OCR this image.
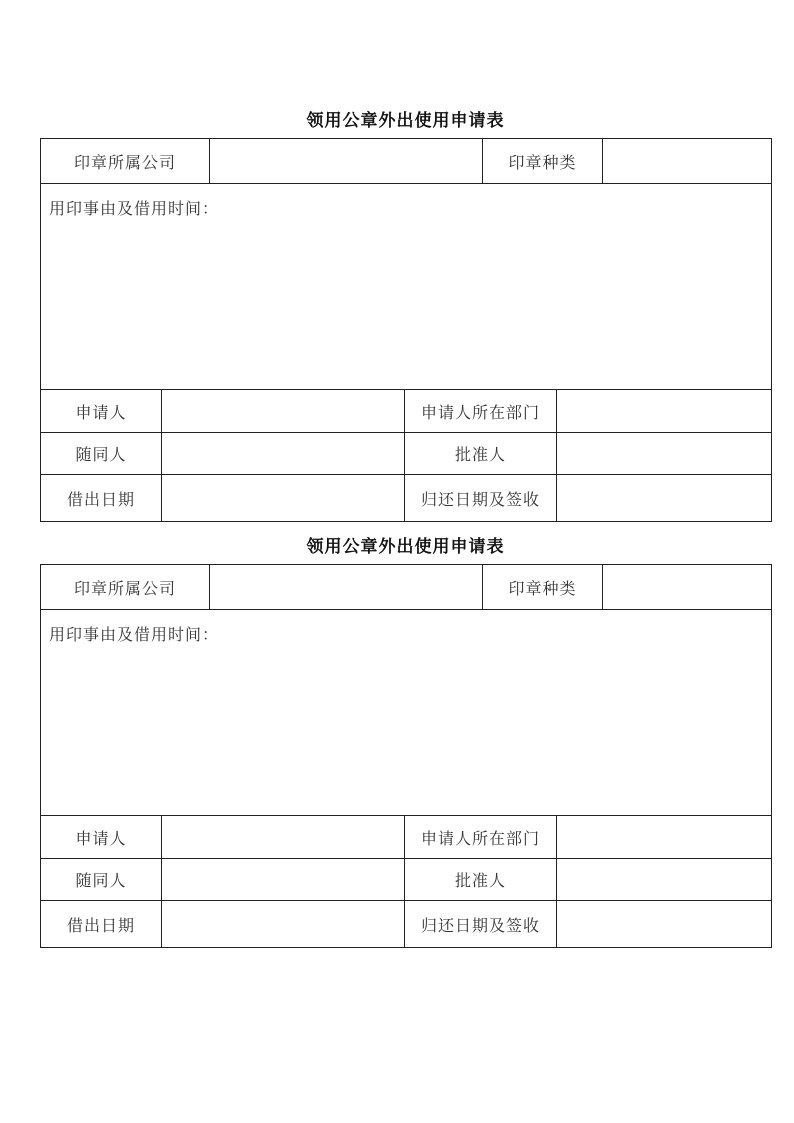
领用公章外出使用申请表
印章所属公司		印章种类	
用印事由及借用时间：
申请人		申请人所在部门	
随同人		批准人	
借出日期		归还日期及签收	
领用公章外出使用申请表
印章所属公司		印章种类	
用印事由及借用时间：
申请人		申请人所在部门	
随同人		批准人	
借出日期		归还日期及签收	
